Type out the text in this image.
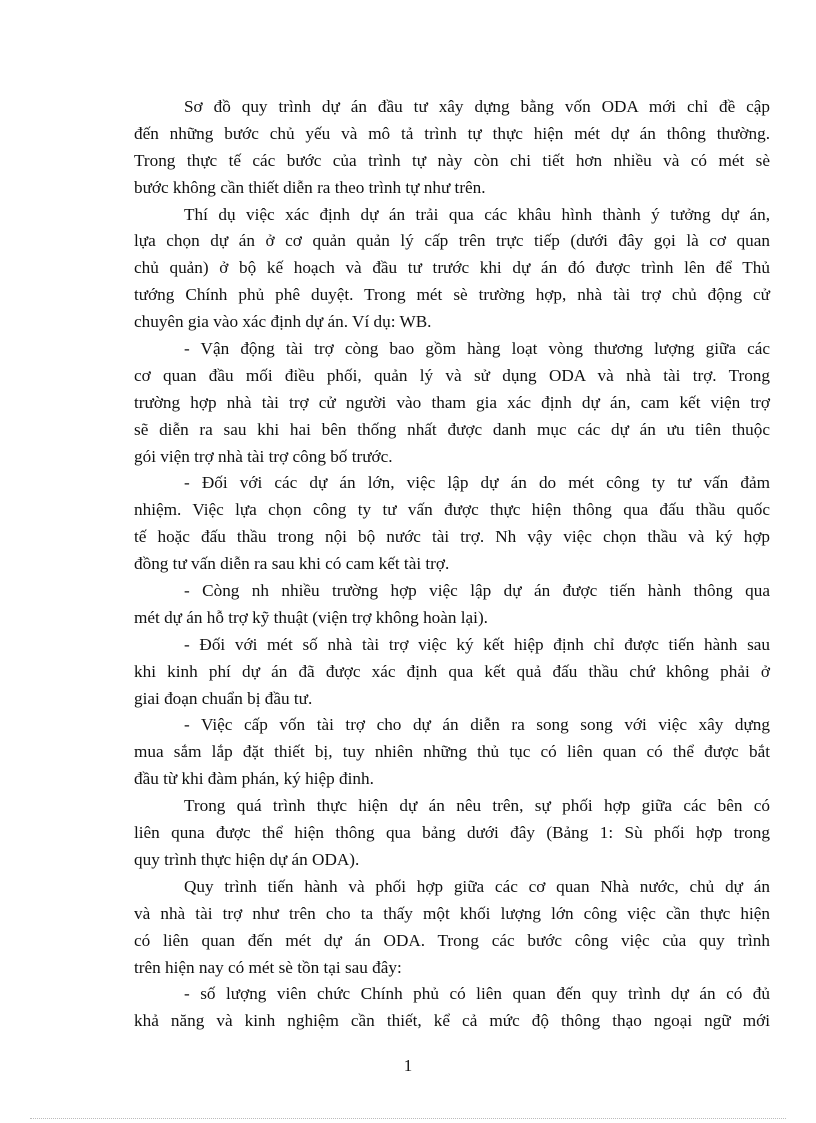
Sơ đồ quy trình dự án đầu tư xây dựng bằng vốn ODA mới chỉ đề cập
đến những bước chủ yếu và mô tả trình tự thực hiện mét dự án thông thường.
Trong thực tế các bước của trình tự này còn chi tiết hơn nhiều và có mét sè
bước không cần thiết diễn ra theo trình tự như trên.
Thí dụ việc xác định dự án trải qua các khâu hình thành ý tưởng dự án,
lựa chọn dự án ở cơ quản quản lý cấp trên trực tiếp (dưới đây gọi là cơ quan
chủ quản) ở bộ kế hoạch và đầu tư trước khi dự án đó được trình lên để Thủ
tướng Chính phủ phê duyệt. Trong mét sè trường hợp, nhà tài trợ chủ động cử
chuyên gia vào xác định dự án. Ví dụ: WB.
- Vận động tài trợ còng bao gồm hàng loạt vòng thương lượng giữa các
cơ quan đầu mối điều phối, quản lý và sử dụng ODA và nhà tài trợ. Trong
trường hợp nhà tài trợ cử người vào tham gia xác định dự án, cam kết viện trợ
sẽ diễn ra sau khi hai bên thống nhất được danh mục các dự án ưu tiên thuộc
gói viện trợ nhà tài trợ công bố trước.
- Đối với các dự án lớn, việc lập dự án do mét công ty tư vấn đảm
nhiệm. Việc lựa chọn công ty tư vấn được thực hiện thông qua đấu thầu quốc
tế hoặc đấu thầu trong nội bộ nước tài trợ. Nh vậy việc chọn thầu và ký hợp
đồng tư vấn diễn ra sau khi có cam kết tài trợ.
- Còng nh nhiều trường hợp việc lập dự án được tiến hành thông qua
mét dự án hỗ trợ kỹ thuật (viện trợ không hoàn lại).
- Đối với mét số nhà tài trợ việc ký kết hiệp định chỉ được tiến hành sau
khi kinh phí dự án đã được xác định qua kết quả đấu thầu chứ không phải ở
giai đoạn chuẩn bị đầu tư.
- Việc cấp vốn tài trợ cho dự án diễn ra song song với việc xây dựng
mua sắm lắp đặt thiết bị, tuy nhiên những thủ tục có liên quan có thể được bắt
đầu từ khi đàm phán, ký hiệp đinh.
Trong quá trình thực hiện dự án nêu trên, sự phối hợp giữa các bên có
liên quna được thể hiện thông qua bảng dưới đây (Bảng 1: Sù phối hợp trong
quy trình thực hiện dự án ODA).
Quy trình tiến hành và phối hợp giữa các cơ quan Nhà nước, chủ dự án
và nhà tài trợ như trên cho ta thấy một khối lượng lớn công việc cần thực hiện
có liên quan đến mét dự án ODA. Trong các bước công việc của quy trình
trên hiện nay có mét sè tồn tại sau đây:
- số lượng viên chức Chính phủ có liên quan đến quy trình dự án có đủ
khả năng và kinh nghiệm cần thiết, kể cả mức độ thông thạo ngoại ngữ mới
1
